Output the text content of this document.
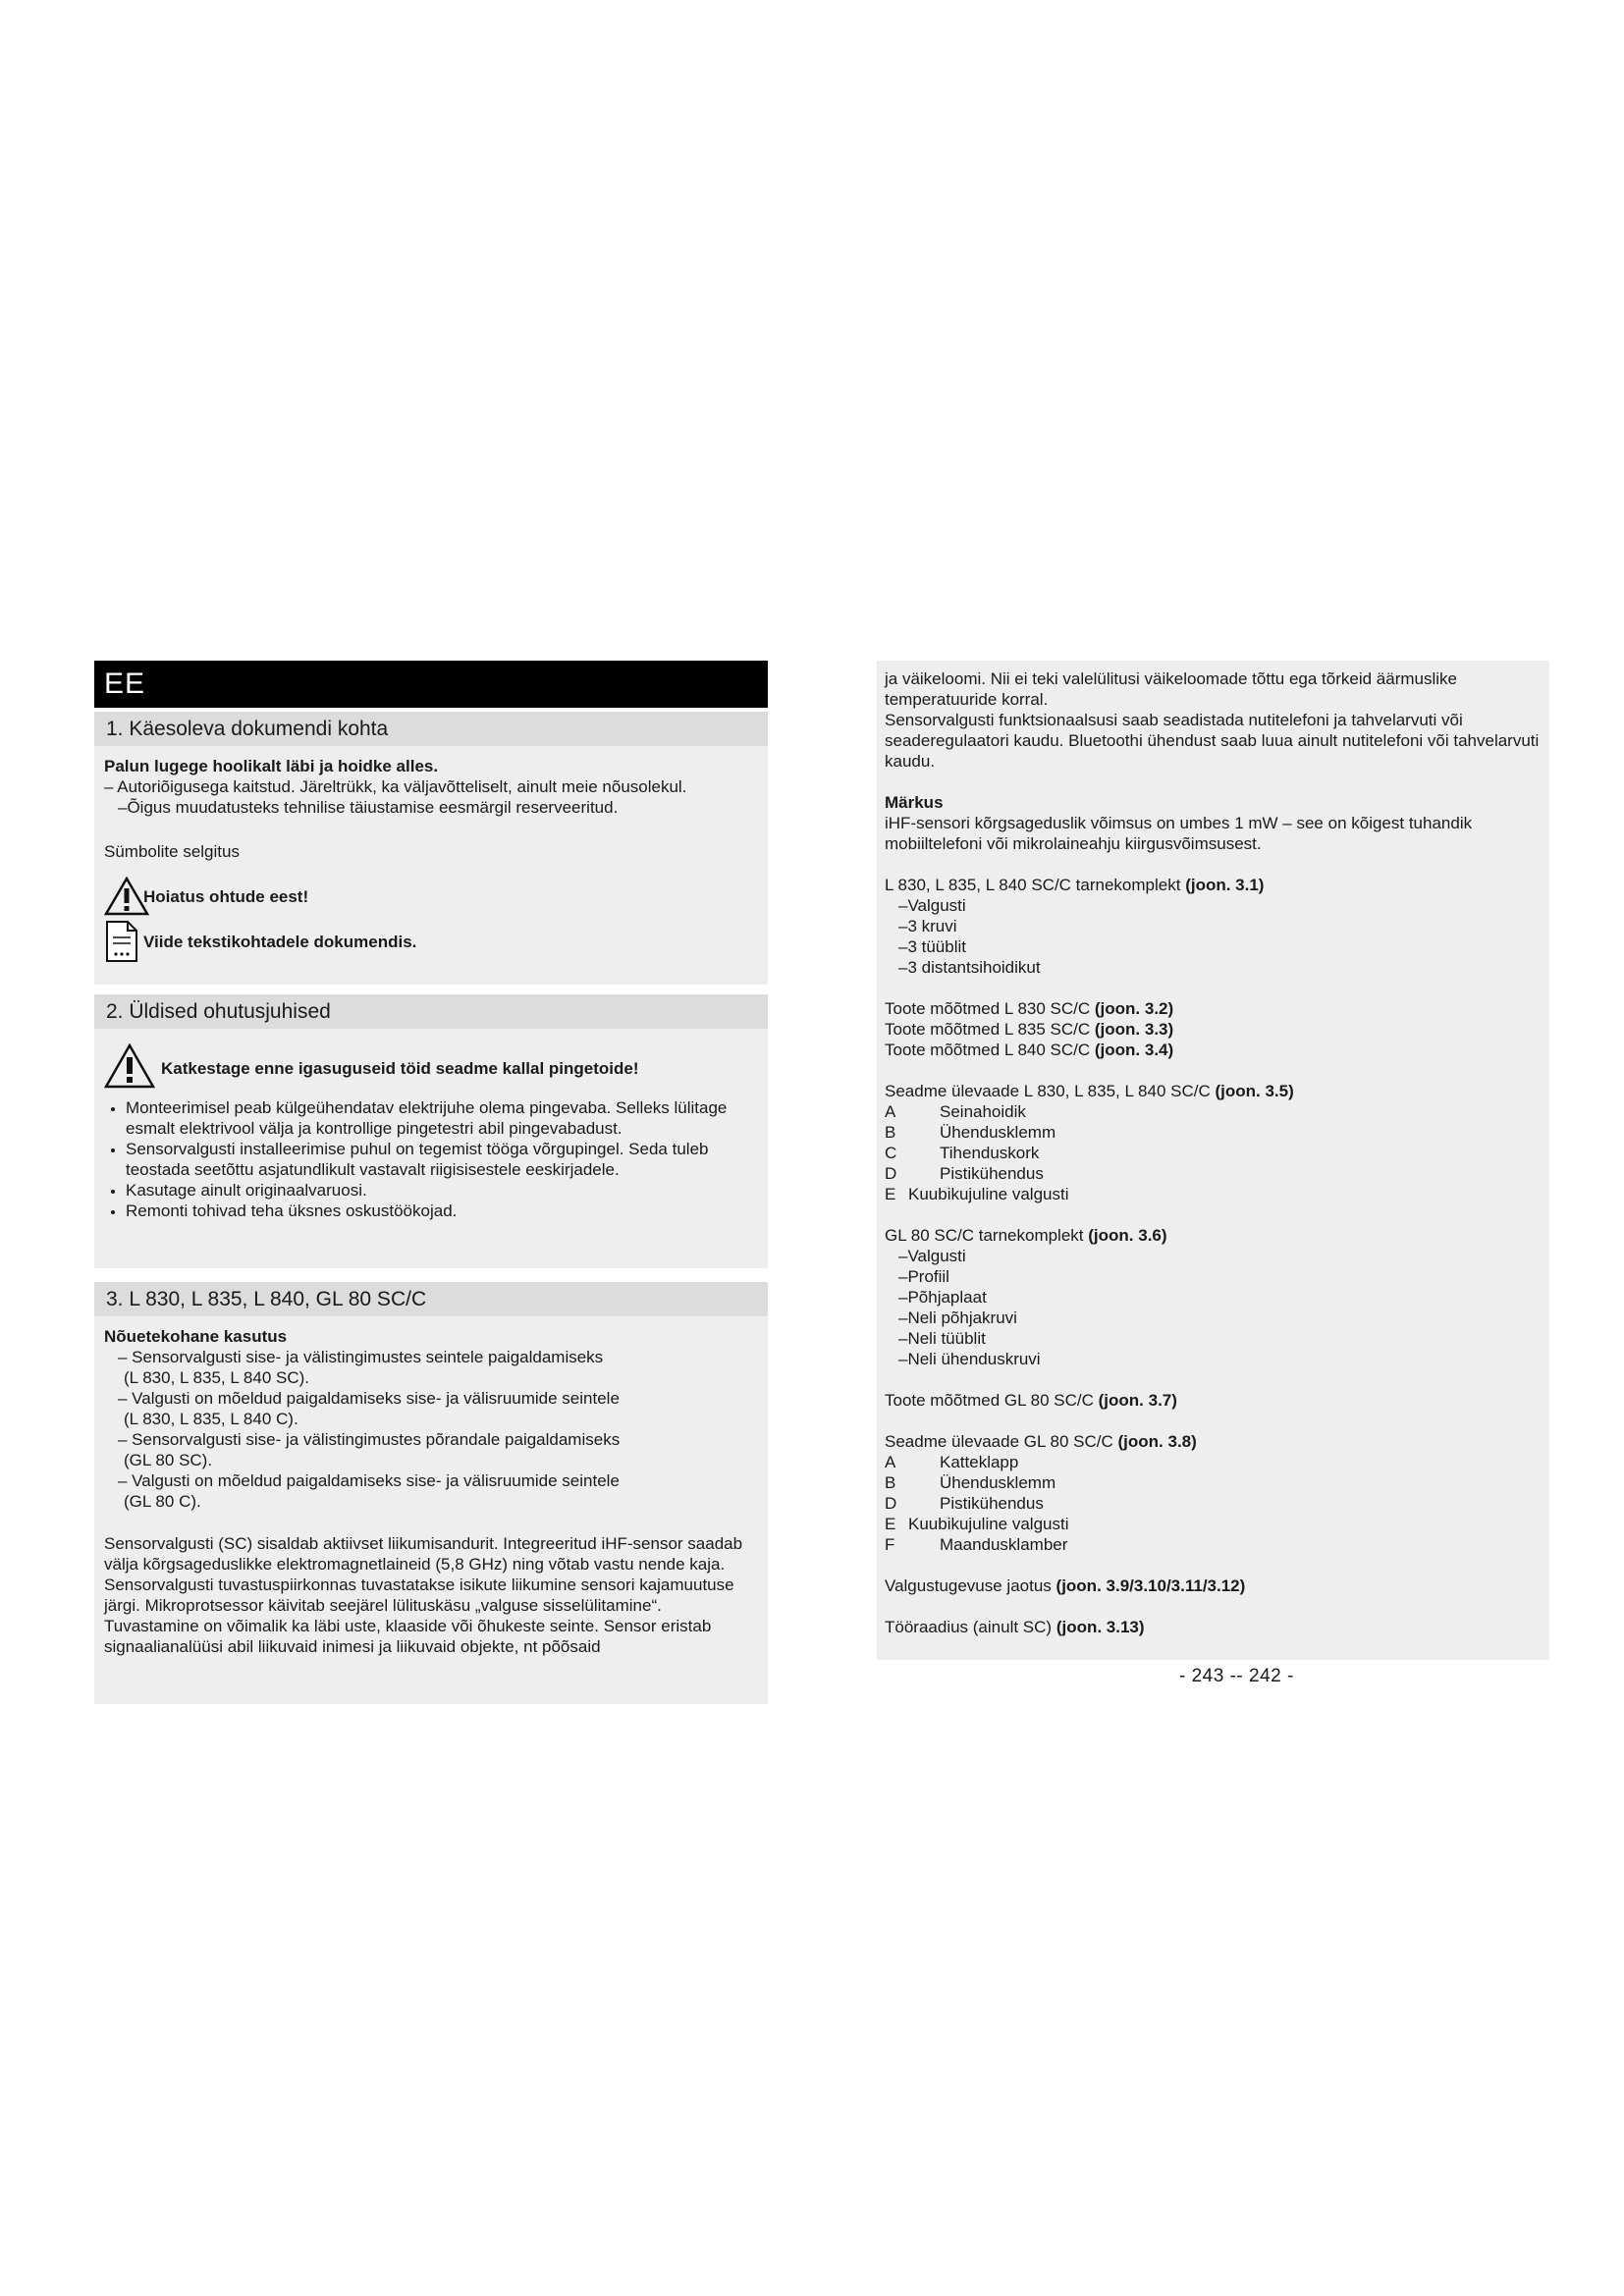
EE
1. Käesoleva dokumendi kohta

Palun lugege hoolikalt läbi ja hoidke alles.

– Autoriõigusega kaitstud. Järeltrükk, ka väljavõtteliselt, ainult meie nõusolekul.

–Õigus muudatusteks tehnilise täiustamise eesmärgil reserveeritud.

Sümbolite selgitus

Hoiatus ohtude eest!
Viide tekstikohtadele dokumendis.
2. Üldised ohutusjuhised
Katkestage enne igasuguseid töid seadme kallal pingetoide!
• Monteerimisel peab külgeühendatav elektrijuhe olema pingevaba. Selleks lülitage esmalt elektrivool välja ja kontrollige pingetestri abil pingevabadust.
• Sensorvalgusti installeerimise puhul on tegemist tööga võrgupingel. Seda tuleb teostada seetõttu asjatundlikult vastavalt riigisisestele eeskirjadele.
• Kasutage ainult originaalvaruosi.
• Remonti tohivad teha üksnes oskustöökojad.
3. L 830, L 835, L 840, GL 80 SC/C

Nõuetekohane kasutus

– Sensorvalgusti sise- ja välistingimustes seintele paigaldamiseks
(L 830, L 835, L 840 SC).
– Valgusti on mõeldud paigaldamiseks sise- ja välisruumide seintele
(L 830, L 835, L 840 C).
– Sensorvalgusti sise- ja välistingimustes põrandale paigaldamiseks
(GL 80 SC).
– Valgusti on mõeldud paigaldamiseks sise- ja välisruumide seintele
(GL 80 C).

Sensorvalgusti (SC) sisaldab aktiivset liikumisandurit. Integreeritud iHF-sensor saadab välja kõrgsageduslikke elektromagnetlaineid (5,8 GHz) ning võtab vastu nende kaja. Sensorvalgusti tuvastuspiirkonnas tuvastatakse isikute liikumine sensori kajamuutuse järgi. Mikroprotsessor käivitab seejärel lülituskäsu „valguse sisselülitamine“. Tuvastamine on võimalik ka läbi uste, klaaside või õhukeste seinte. Sensor eristab signaalianalüüsi abil liikuvaid inimesi ja liikuvaid objekte, nt põõsaid

ja väikeloomi. Nii ei teki valelülitusi väikeloomade tõttu ega tõrkeid äärmuslike temperatuuride korral.

Sensorvalgusti funktsionaalsusi saab seadistada nutitelefoni ja tahvelarvuti või seaderegulaatori kaudu. Bluetoothi ühendust saab luua ainult nutitelefoni või tahvelarvuti kaudu.

Märkus

iHF-sensori kõrgsageduslik võimsus on umbes 1 mW – see on kõigest tuhandik mobiiltelefoni või mikrolaineahju kiirgusvõimsusest.

L 830, L 835, L 840 SC/C tarnekomplekt (joon. 3.1)
–Valgusti
–3 kruvi
–3 tüüblit
–3 distantsihoidikut
Toote mõõtmed L 830 SC/C (joon. 3.2)
Toote mõõtmed L 835 SC/C (joon. 3.3)
Toote mõõtmed L 840 SC/C (joon. 3.4)
Seadme ülevaade L 830, L 835, L 840 SC/C (joon. 3.5)
A	Seinahoidik
B	Ühendusklemm
C	Tihenduskork
D	Pistikühendus
E Kuubikujuline valgusti
GL 80 SC/C tarnekomplekt (joon. 3.6)
–Valgusti
–Profiil
–Põhjaplaat
–Neli põhjakruvi
–Neli tüüblit
–Neli ühenduskruvi
Toote mõõtmed GL 80 SC/C (joon. 3.7)
Seadme ülevaade GL 80 SC/C (joon. 3.8)
A	Katteklapp
B	Ühendusklemm
D	Pistikühendus
E Kuubikujuline valgusti
F	Maandusklamber
Valgustugevuse jaotus (joon. 3.9/3.10/3.11/3.12)
Tööraadius (ainult SC) (joon. 3.13)
- 243 -- 242 -
